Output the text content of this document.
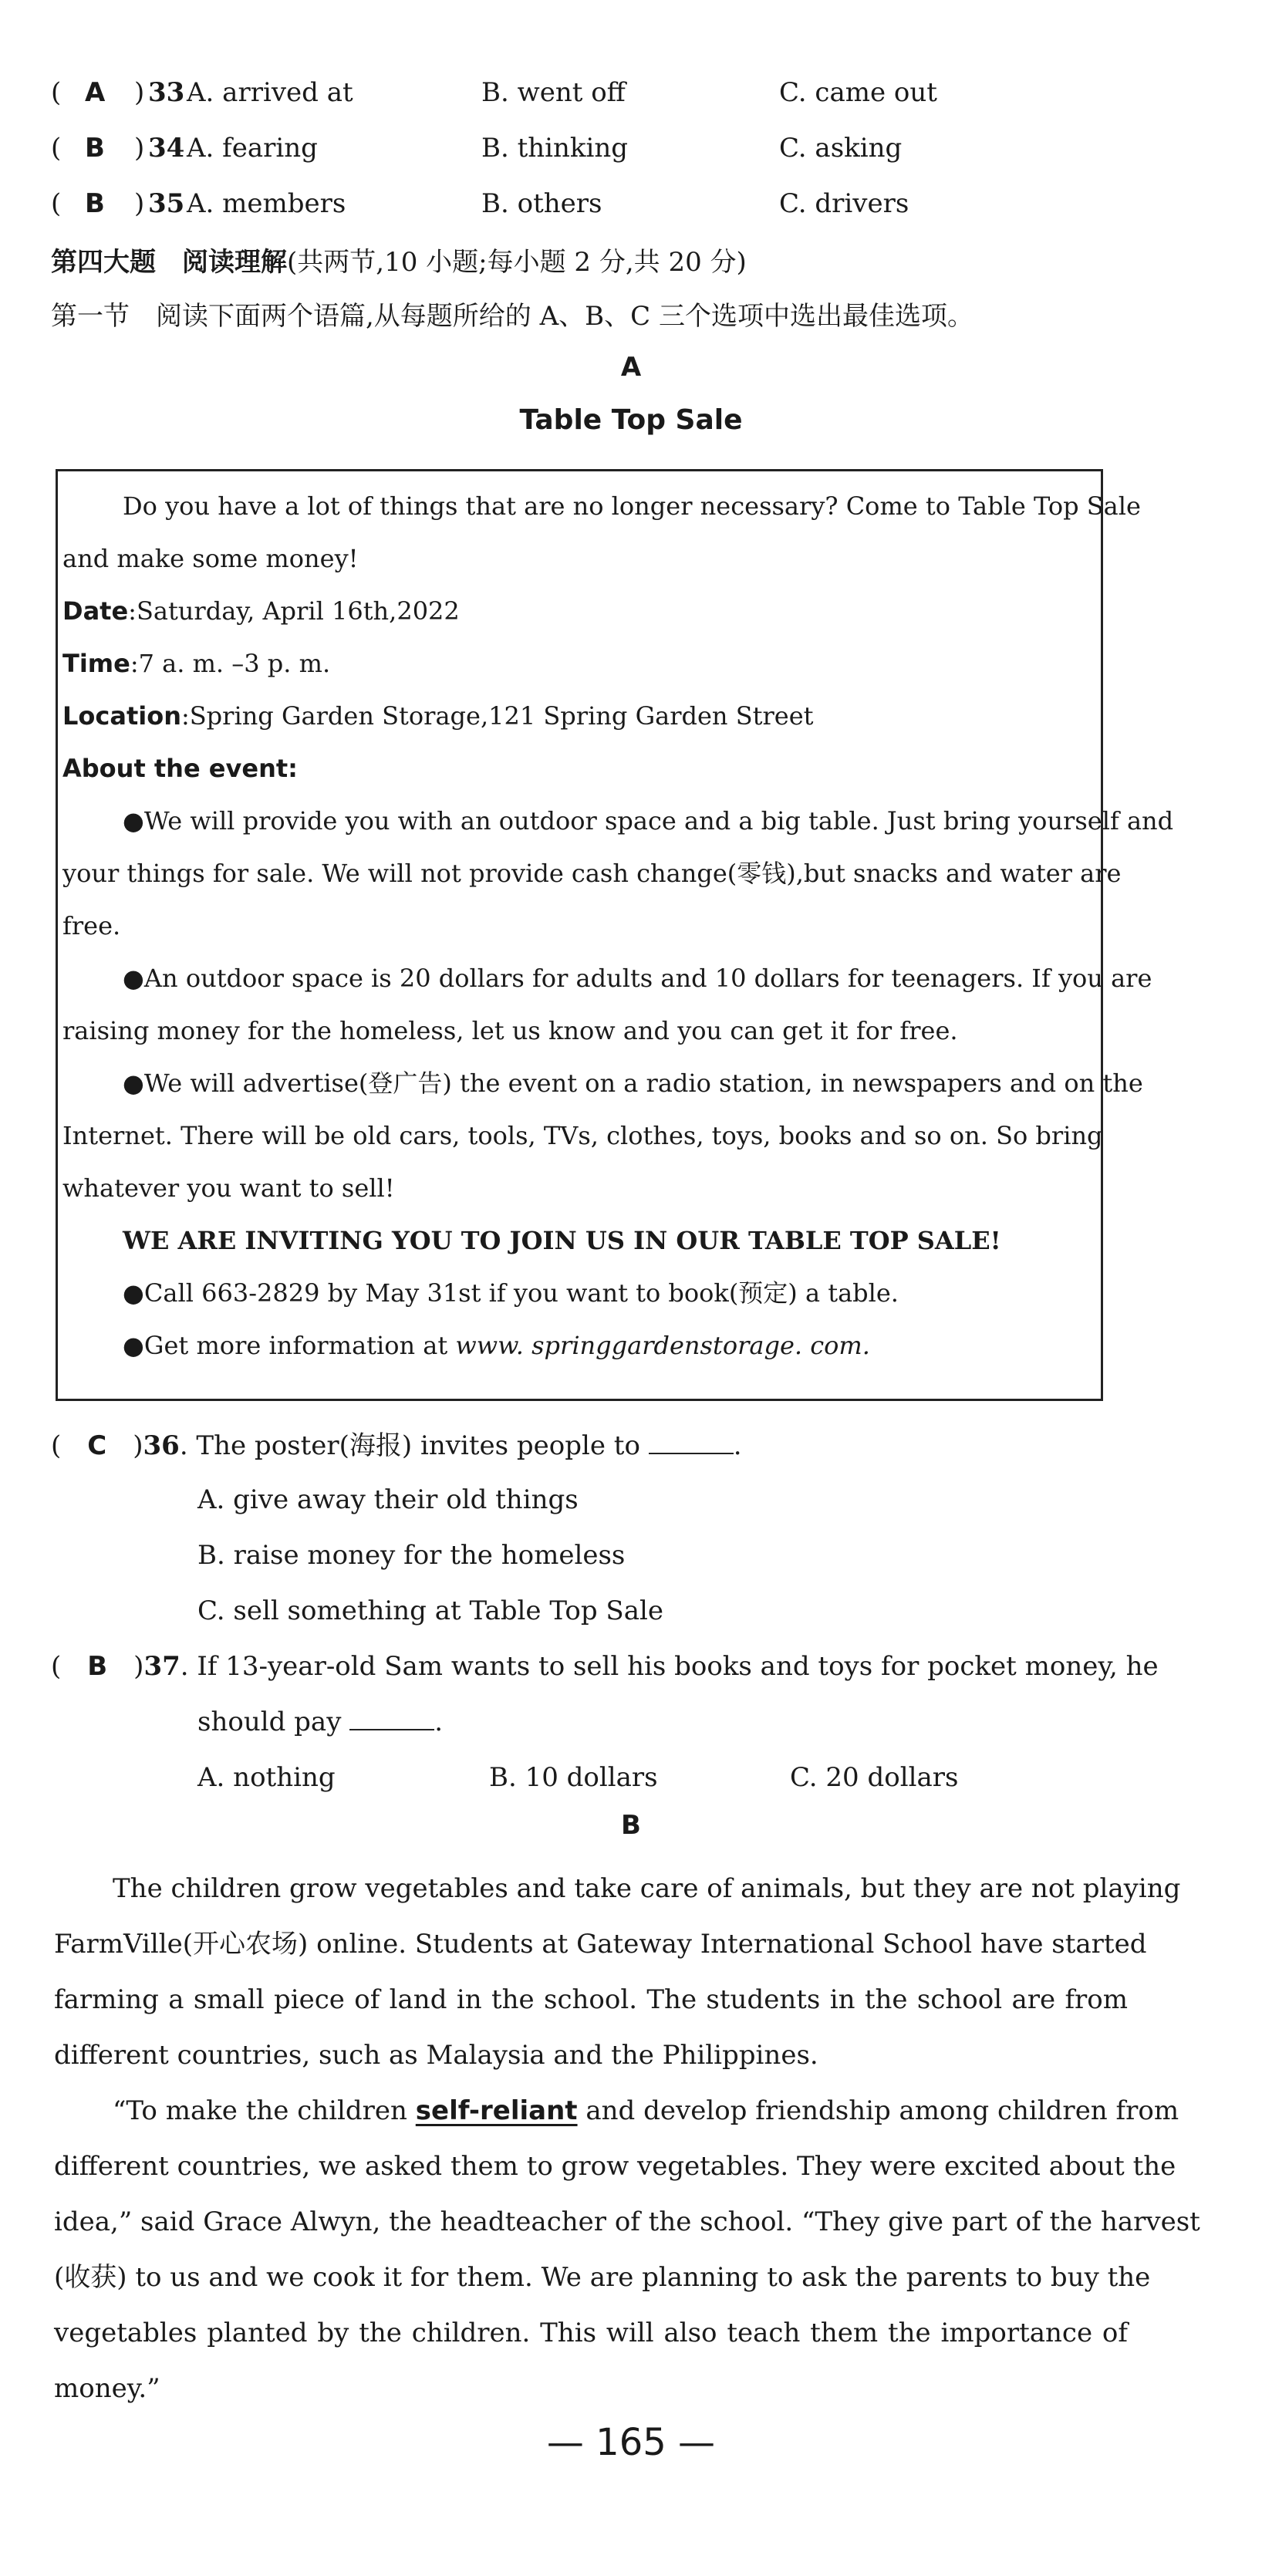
( A ) 33 A. arrived at	B. went off	C. came out
( B ) 34 A. fearing	B. thinking	C. asking
( B ) 35 A. members	B. others	C. drivers
第四大题　阅读理解(共两节,10 小题;每小题 2 分,共 20 分)
第一节　阅读下面两个语篇,从每题所给的 A、B、C 三个选项中选出最佳选项。
A
Table Top Sale
Do you have a lot of things that are no longer necessary? Come to Table Top Sale
and make some money!
Date:Saturday, April 16th,2022
Time:7 a. m. –3 p. m.
Location:Spring Garden Storage,121 Spring Garden Street
About the event:
●We will provide you with an outdoor space and a big table. Just bring yourself and
your things for sale. We will not provide cash change(零钱),but snacks and water are
free.
●An outdoor space is 20 dollars for adults and 10 dollars for teenagers. If you are
raising money for the homeless, let us know and you can get it for free.
●We will advertise(登广告) the event on a radio station, in newspapers and on the
Internet. There will be old cars, tools, TVs, clothes, toys, books and so on. So bring
whatever you want to sell!
WE ARE INVITING YOU TO JOIN US IN OUR TABLE TOP SALE!
●Call 663-2829 by May 31st if you want to book(预定) a table.
●Get more information at www. springgardenstorage. com.
(　C　)36. The poster(海报) invites people to	.
A. give away their old things
B. raise money for the homeless
C. sell something at Table Top Sale
(　B　)37. If 13-year-old Sam wants to sell his books and toys for pocket money, he
should pay	.
A. nothing	B. 10 dollars	C. 20 dollars
B
The children grow vegetables and take care of animals, but they are not playing
FarmVille(开心农场) online. Students at Gateway International School have started
farming a small piece of land in the school. The students in the school are from
different countries, such as Malaysia and the Philippines.
“To make the children self-reliant and develop friendship among children from
different countries, we asked them to grow vegetables. They were excited about the
idea,” said Grace Alwyn, the headteacher of the school. “They give part of the harvest
(收获) to us and we cook it for them. We are planning to ask the parents to buy the
vegetables planted by the children. This will also teach them the importance of
money.”
— 165 —
